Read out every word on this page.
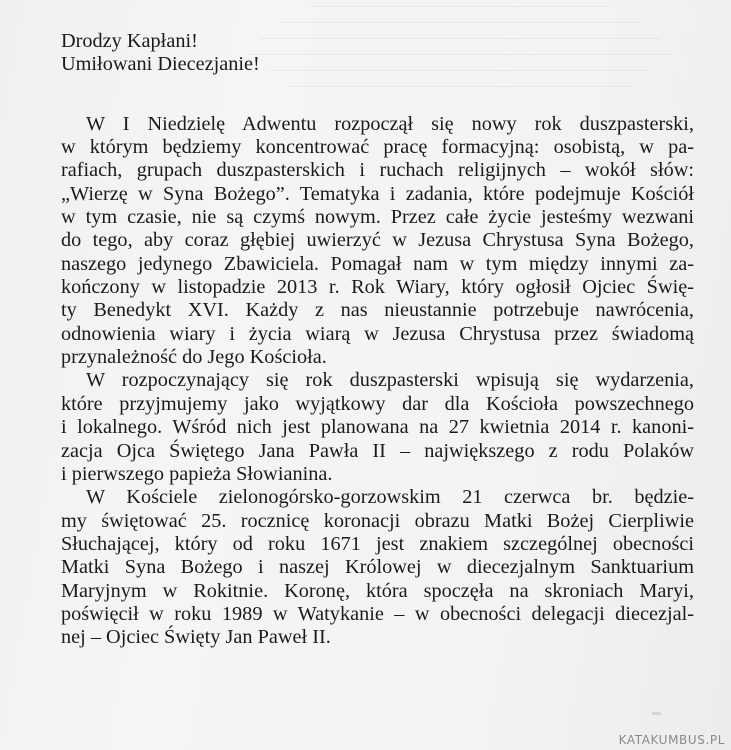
Drodzy Kapłani!

Umiłowani Diecezjanie!

W I Niedzielę Adwentu rozpoczął się nowy rok duszpasterski,
w którym będziemy koncentrować pracę formacyjną: osobistą, w pa-
rafiach, grupach duszpasterskich i ruchach religijnych – wokół słów:
„Wierzę w Syna Bożego”. Tematyka i zadania, które podejmuje Kościół
w tym czasie, nie są czymś nowym. Przez całe życie jesteśmy wezwani
do tego, aby coraz głębiej uwierzyć w Jezusa Chrystusa Syna Bożego,
naszego jedynego Zbawiciela. Pomagał nam w tym między innymi za-
kończony w listopadzie 2013 r. Rok Wiary, który ogłosił Ojciec Świę-
ty Benedykt XVI. Każdy z nas nieustannie potrzebuje nawrócenia,
odnowienia wiary i życia wiarą w Jezusa Chrystusa przez świadomą
przynależność do Jego Kościoła.

W rozpoczynający się rok duszpasterski wpisują się wydarzenia,
które przyjmujemy jako wyjątkowy dar dla Kościoła powszechnego
i lokalnego. Wśród nich jest planowana na 27 kwietnia 2014 r. kanoni-
zacja Ojca Świętego Jana Pawła II – największego z rodu Polaków
i pierwszego papieża Słowianina.

W Kościele zielonogórsko-gorzowskim 21 czerwca br. będzie-
my świętować 25. rocznicę koronacji obrazu Matki Bożej Cierpliwie
Słuchającej, który od roku 1671 jest znakiem szczególnej obecności
Matki Syna Bożego i naszej Królowej w diecezjalnym Sanktuarium
Maryjnym w Rokitnie. Koronę, która spoczęła na skroniach Maryi,
poświęcił w roku 1989 w Watykanie – w obecności delegacji diecezjal-
nej – Ojciec Święty Jan Paweł II.

KATAKUMBUS.PL
